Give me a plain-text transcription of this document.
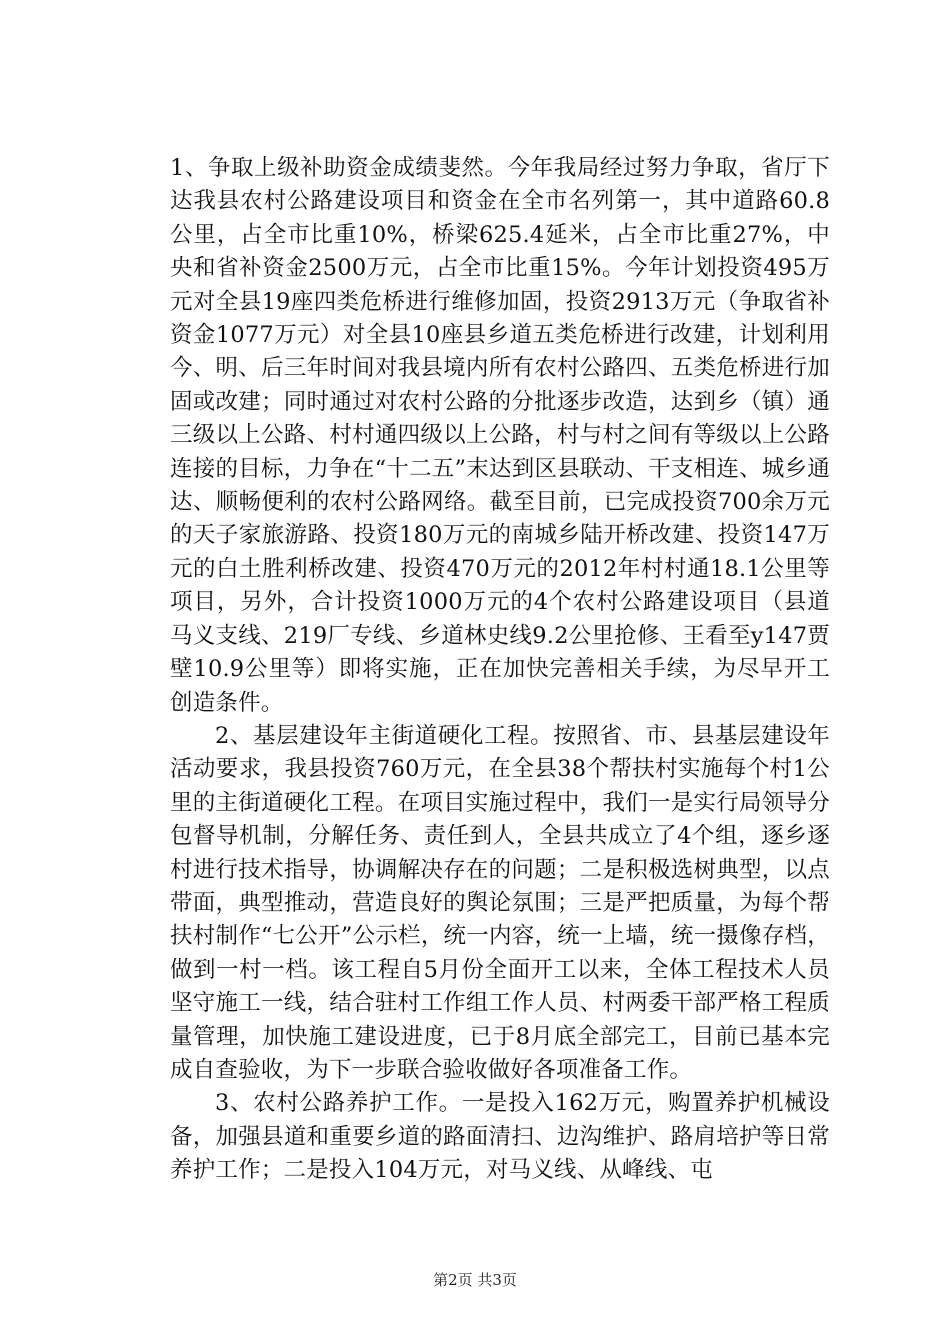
1、争取上级补助资金成绩斐然。今年我局经过努力争取，省厅下达我县农村公路建设项目和资金在全市名列第一，其中道路60.8公里，占全市比重10%，桥梁625.4延米，占全市比重27%，中央和省补资金2500万元，占全市比重15%。今年计划投资495万元对全县19座四类危桥进行维修加固，投资2913万元（争取省补资金1077万元）对全县10座县乡道五类危桥进行改建，计划利用今、明、后三年时间对我县境内所有农村公路四、五类危桥进行加固或改建；同时通过对农村公路的分批逐步改造，达到乡（镇）通三级以上公路、村村通四级以上公路，村与村之间有等级以上公路连接的目标，力争在“十二五”末达到区县联动、干支相连、城乡通达、顺畅便利的农村公路网络。截至目前，已完成投资700余万元的天子家旅游路、投资180万元的南城乡陆开桥改建、投资147万元的白土胜利桥改建、投资470万元的2012年村村通18.1公里等项目，另外，合计投资1000万元的4个农村公路建设项目（县道马义支线、219厂专线、乡道林史线9.2公里抢修、王看至y147贾壁10.9公里等）即将实施，正在加快完善相关手续，为尽早开工创造条件。

2、基层建设年主街道硬化工程。按照省、市、县基层建设年活动要求，我县投资760万元，在全县38个帮扶村实施每个村1公里的主街道硬化工程。在项目实施过程中，我们一是实行局领导分包督导机制，分解任务、责任到人，全县共成立了4个组，逐乡逐村进行技术指导，协调解决存在的问题；二是积极选树典型，以点带面，典型推动，营造良好的舆论氛围；三是严把质量，为每个帮扶村制作“七公开”公示栏，统一内容，统一上墙，统一摄像存档，做到一村一档。该工程自5月份全面开工以来，全体工程技术人员坚守施工一线，结合驻村工作组工作人员、村两委干部严格工程质量管理，加快施工建设进度，已于8月底全部完工，目前已基本完成自查验收，为下一步联合验收做好各项准备工作。

3、农村公路养护工作。一是投入162万元，购置养护机械设备，加强县道和重要乡道的路面清扫、边沟维护、路肩培护等日常养护工作；二是投入104万元，对马义线、从峰线、屯

第2页 共3页
